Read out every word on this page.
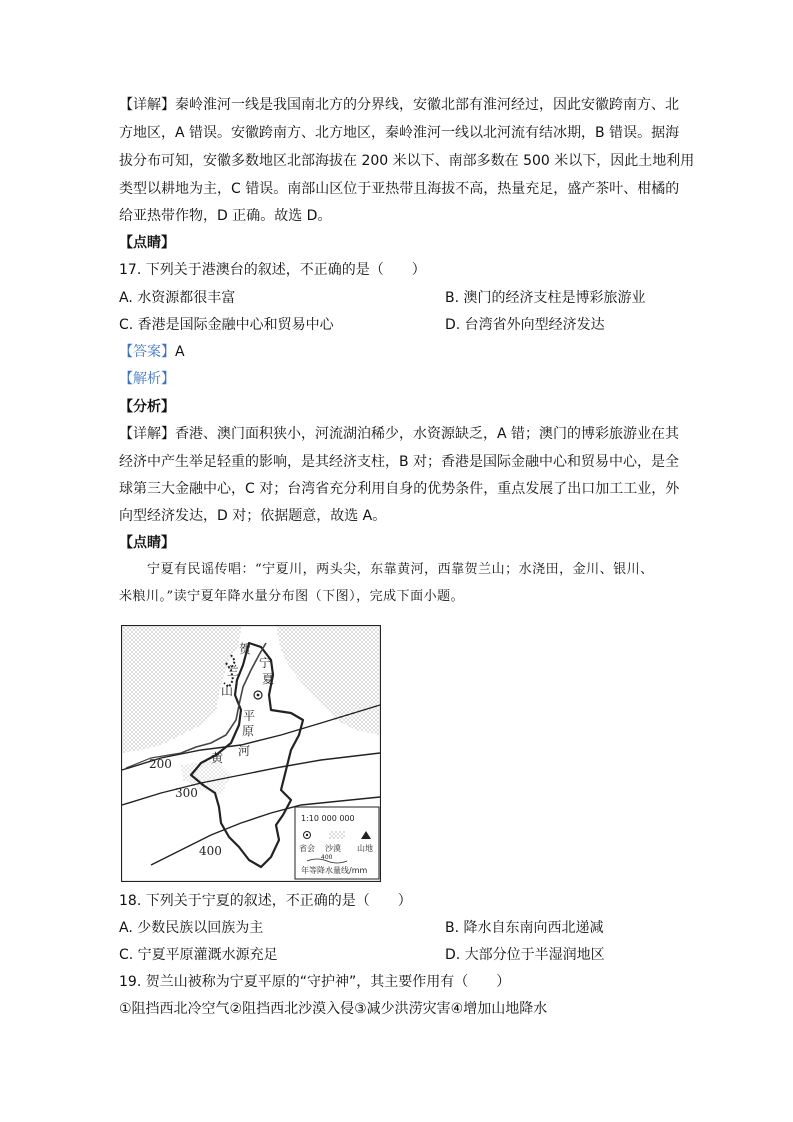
【详解】秦岭淮河一线是我国南北方的分界线，安徽北部有淮河经过，因此安徽跨南方、北

方地区，A 错误。安徽跨南方、北方地区，秦岭淮河一线以北河流有结冰期，B 错误。据海

拔分布可知，安徽多数地区北部海拔在 200 米以下、南部多数在 500 米以下，因此土地利用

类型以耕地为主，C 错误。南部山区位于亚热带且海拔不高，热量充足，盛产茶叶、柑橘的

给亚热带作物，D 正确。故选 D。

【点睛】

17. 下列关于港澳台的叙述，不正确的是（　　）

A. 水资源都很丰富	B. 澳门的经济支柱是博彩旅游业

C. 香港是国际金融中心和贸易中心	D. 台湾省外向型经济发达

【答案】A

【解析】

【分析】

【详解】香港、澳门面积狭小，河流湖泊稀少，水资源缺乏，A 错；澳门的博彩旅游业在其

经济中产生举足轻重的影响，是其经济支柱，B 对；香港是国际金融中心和贸易中心，是全

球第三大金融中心，C 对；台湾省充分利用自身的优势条件，重点发展了出口加工工业，外

向型经济发达，D 对；依据题意，故选 A。

【点睛】

宁夏有民谣传唱：“宁夏川，两头尖，东靠黄河，西靠贺兰山；水浇田，金川、银川、

米粮川。”读宁夏年降水量分布图（下图），完成下面小题。

贺
兰
山
宁
夏
平
原
黄 河
200
300
400
1:10 000 000
省会 沙漠 山地
400
年等降水量线/mm

18. 下列关于宁夏的叙述，不正确的是（　　）

A. 少数民族以回族为主	B. 降水自东南向西北递减

C. 宁夏平原灌溉水源充足	D. 大部分位于半湿润地区

19. 贺兰山被称为宁夏平原的“守护神”，其主要作用有（　　）

①阻挡西北冷空气②阻挡西北沙漠入侵③减少洪涝灾害④增加山地降水
